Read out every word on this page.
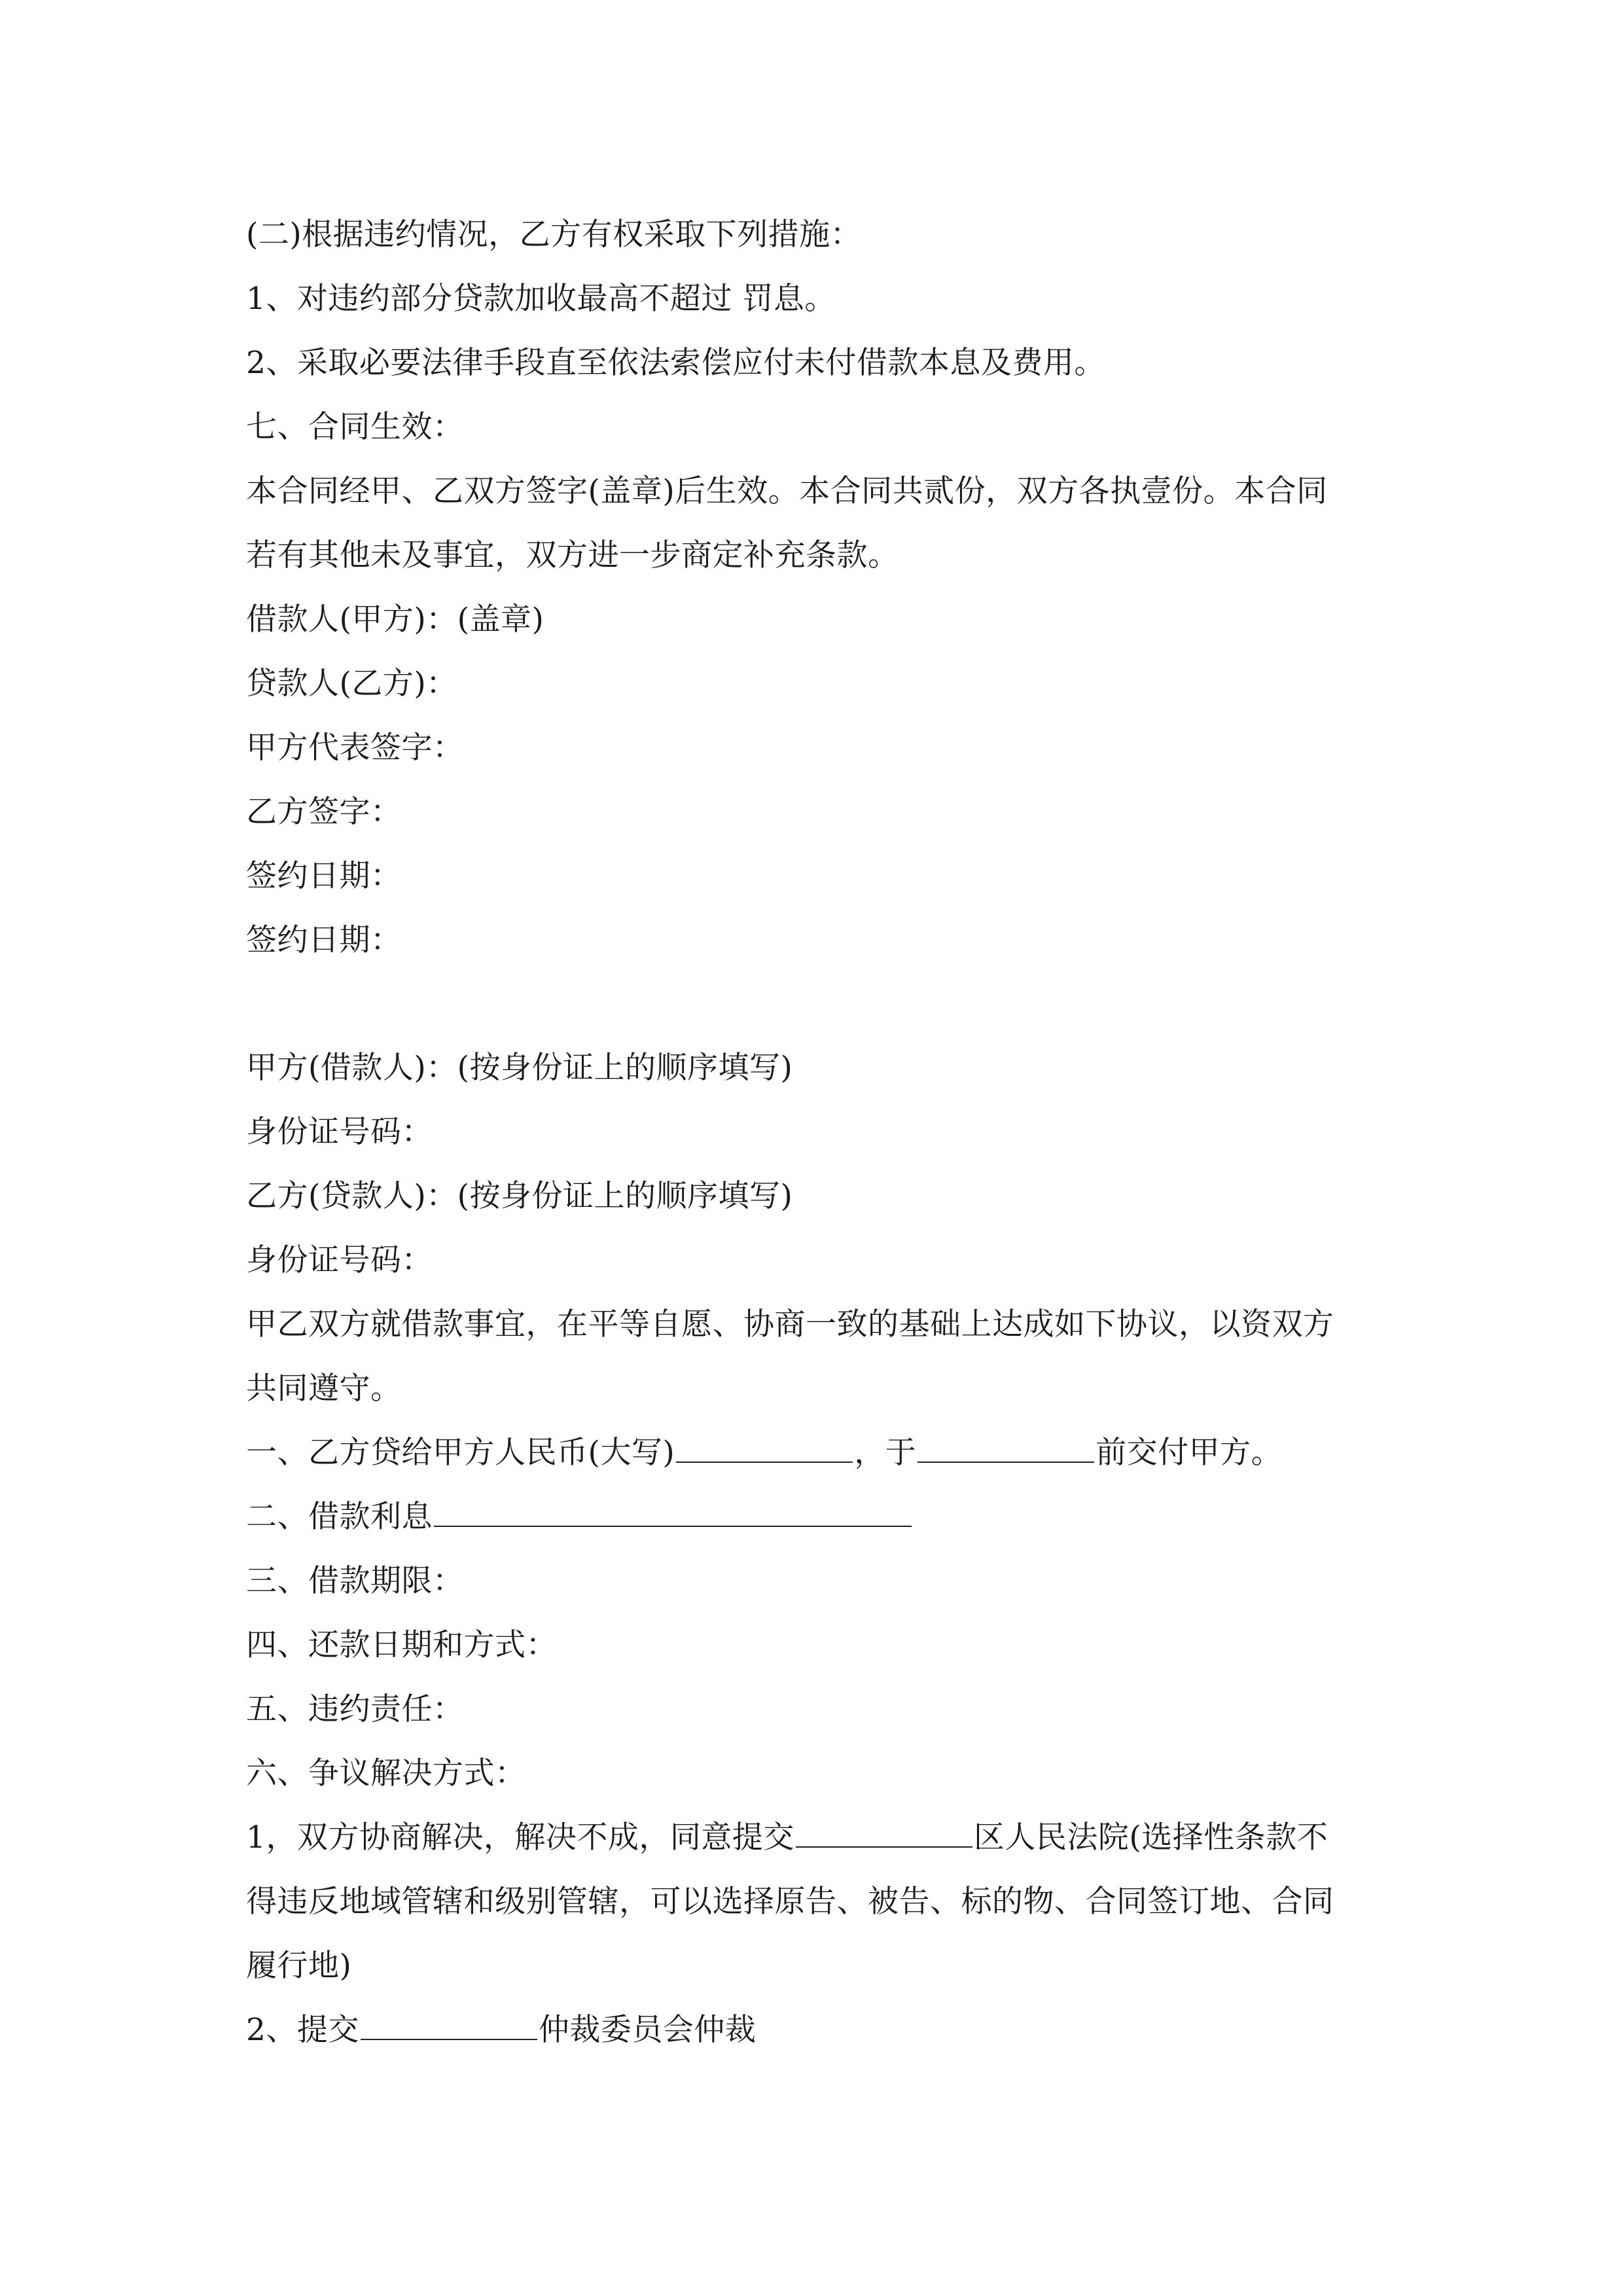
(二)根据违约情况，乙方有权采取下列措施：
1、对违约部分贷款加收最高不超过 罚息。
2、采取必要法律手段直至依法索偿应付未付借款本息及费用。
七、合同生效：
本合同经甲、乙双方签字(盖章)后生效。本合同共贰份，双方各执壹份。本合同
若有其他未及事宜，双方进一步商定补充条款。
借款人(甲方)：(盖章)
贷款人(乙方)：
甲方代表签字：
乙方签字：
签约日期：
签约日期：
甲方(借款人)：(按身份证上的顺序填写)
身份证号码：
乙方(贷款人)：(按身份证上的顺序填写)
身份证号码：
甲乙双方就借款事宜，在平等自愿、协商一致的基础上达成如下协议，以资双方
共同遵守。
一、乙方贷给甲方人民币(大写)	，于	前交付甲方。
二、借款利息
三、借款期限：
四、还款日期和方式：
五、违约责任：
六、争议解决方式：
1，双方协商解决，解决不成，同意提交	区人民法院(选择性条款不
得违反地域管辖和级别管辖，可以选择原告、被告、标的物、合同签订地、合同
履行地)
2、提交	仲裁委员会仲裁
